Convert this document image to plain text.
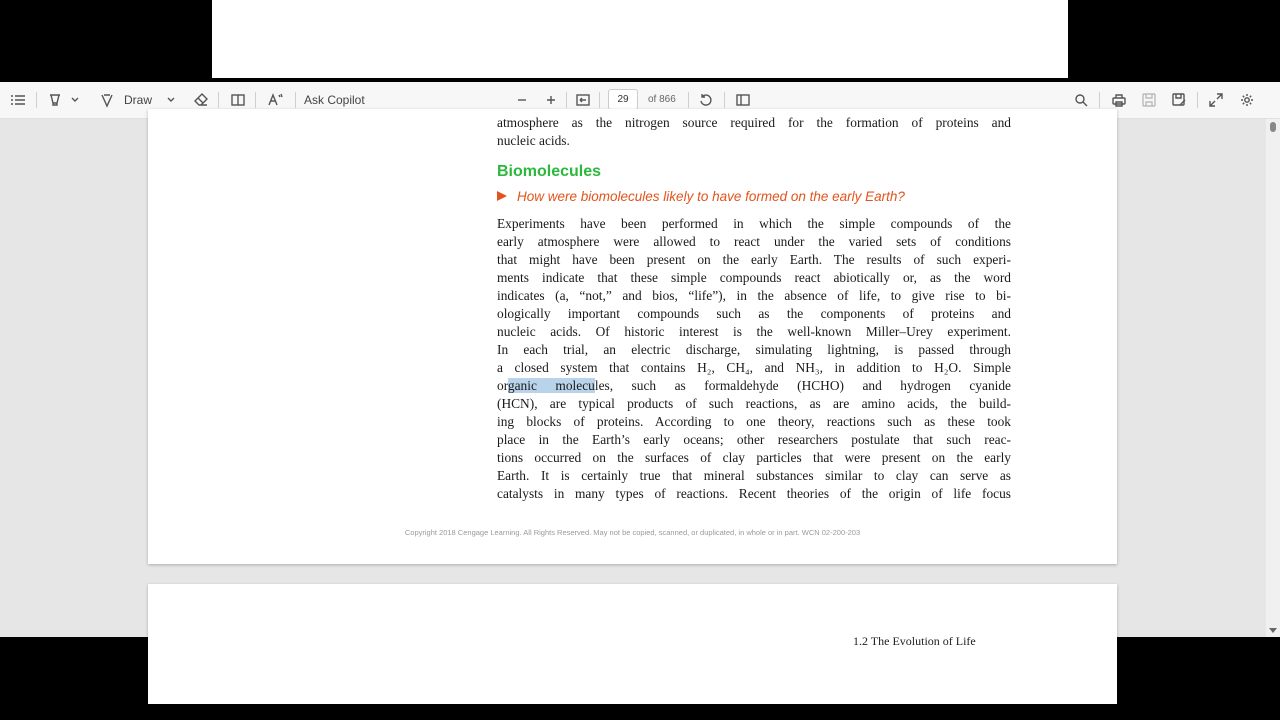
Draw	Ask Copilot
29	of 866
atmosphere as the nitrogen source required for the formation of proteins and
nucleic acids.
Biomolecules
How were biomolecules likely to have formed on the early Earth?
Experiments have been performed in which the simple compounds of the
early atmosphere were allowed to react under the varied sets of conditions
that might have been present on the early Earth. The results of such experi-
ments indicate that these simple compounds react abiotically or, as the word
indicates (a, “not,” and bios, “life”), in the absence of life, to give rise to bi-
ologically important compounds such as the components of proteins and
nucleic acids. Of historic interest is the well-known Miller–Urey experiment.
In each trial, an electric discharge, simulating lightning, is passed through
a closed system that contains H₂, CH₄, and NH₃, in addition to H₂O. Simple
organic molecules, such as formaldehyde (HCHO) and hydrogen cyanide
(HCN), are typical products of such reactions, as are amino acids, the build-
ing blocks of proteins. According to one theory, reactions such as these took
place in the Earth’s early oceans; other researchers postulate that such reac-
tions occurred on the surfaces of clay particles that were present on the early
Earth. It is certainly true that mineral substances similar to clay can serve as
catalysts in many types of reactions. Recent theories of the origin of life focus
Copyright 2018 Cengage Learning. All Rights Reserved. May not be copied, scanned, or duplicated, in whole or in part. WCN 02-200-203
1.2 The Evolution of Life
